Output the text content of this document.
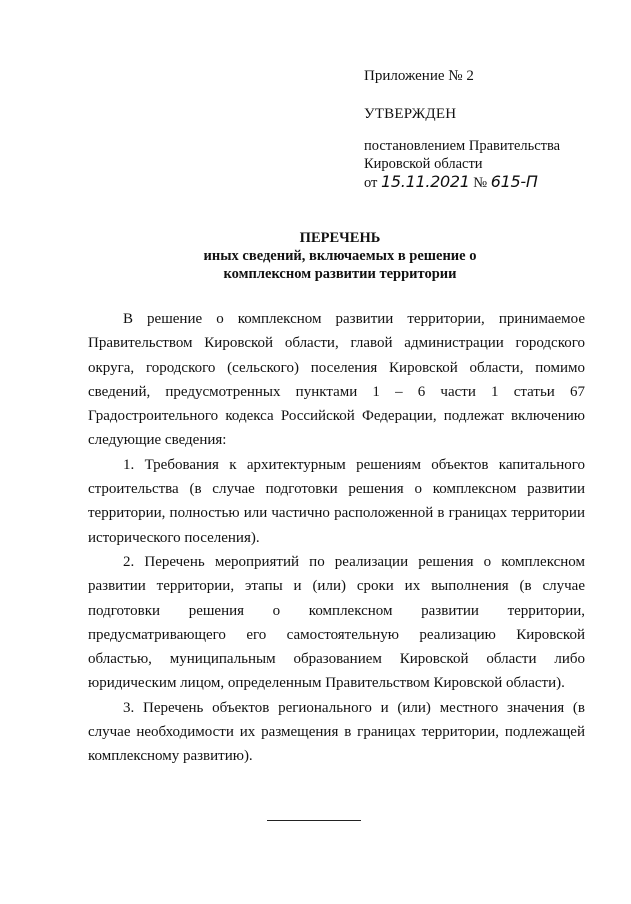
Приложение № 2
УТВЕРЖДЕН
постановлением Правительства
Кировской области
от 15.11.2021 № 615-П
ПЕРЕЧЕНЬ
иных сведений, включаемых в решение о
комплексном развитии территории

В решение о комплексном развитии территории, принимаемое Правительством Кировской области, главой администрации городского округа, городского (сельского) поселения Кировской области, помимо сведений, предусмотренных пунктами 1 – 6 части 1 статьи 67 Градостроительного кодекса Российской Федерации, подлежат включению следующие сведения:

1. Требования к архитектурным решениям объектов капитального строительства (в случае подготовки решения о комплексном развитии территории, полностью или частично расположенной в границах территории исторического поселения).

2. Перечень мероприятий по реализации решения о комплексном развитии территории, этапы и (или) сроки их выполнения (в случае подготовки решения о комплексном развитии территории, предусматривающего его самостоятельную реализацию Кировской областью, муниципальным образованием Кировской области либо юридическим лицом, определенным Правительством Кировской области).

3. Перечень объектов регионального и (или) местного значения (в случае необходимости их размещения в границах территории, подлежащей комплексному развитию).
